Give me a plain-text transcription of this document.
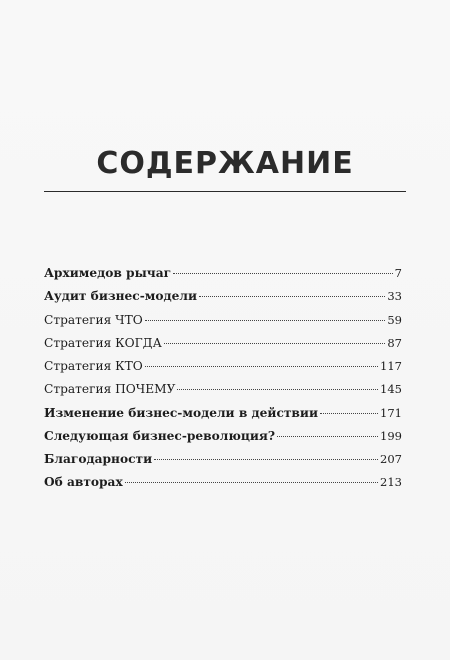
СОДЕРЖАНИЕ
Архимедов рычаг	7
Аудит бизнес-модели	33
Стратегия ЧТО	59
Стратегия КОГДА	87
Стратегия КТО	117
Стратегия ПОЧЕМУ	145
Изменение бизнес-модели в действии	171
Следующая бизнес-революция?	199
Благодарности	207
Об авторах	213
